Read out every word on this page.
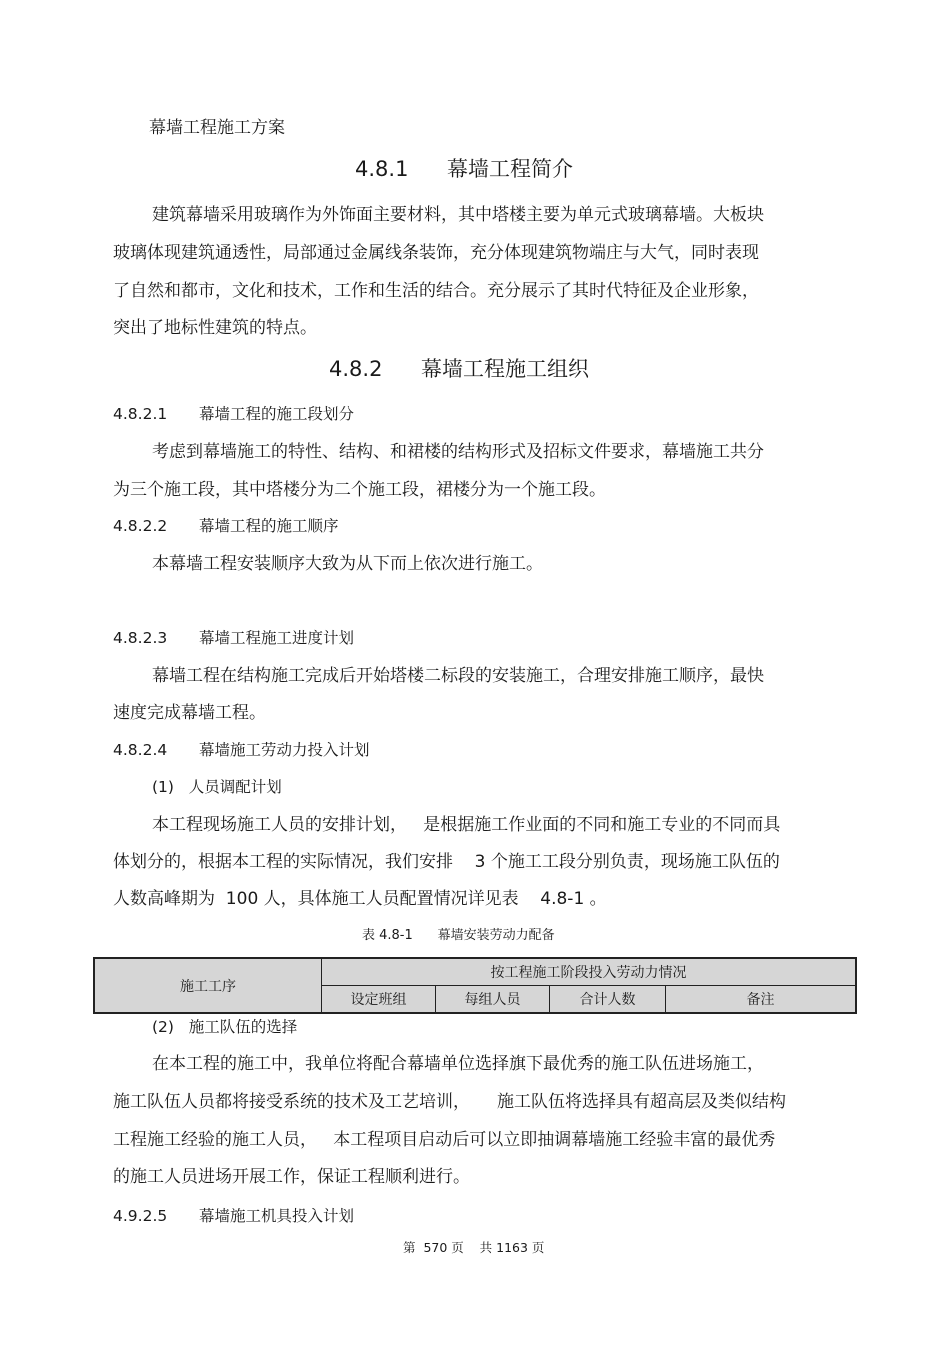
幕墙工程施工方案
4.8.1 幕墙工程简介
建筑幕墙采用玻璃作为外饰面主要材料，其中塔楼主要为单元式玻璃幕墙。大板块
玻璃体现建筑通透性，局部通过金属线条装饰，充分体现建筑物端庄与大气，同时表现
了自然和都市，文化和技术，工作和生活的结合。充分展示了其时代特征及企业形象，
突出了地标性建筑的特点。
4.8.2 幕墙工程施工组织
4.8.2.1 幕墙工程的施工段划分
考虑到幕墙施工的特性、结构、和裙楼的结构形式及招标文件要求，幕墙施工共分
为三个施工段，其中塔楼分为二个施工段，裙楼分为一个施工段。
4.8.2.2 幕墙工程的施工顺序
本幕墙工程安装顺序大致为从下而上依次进行施工。
4.8.2.3 幕墙工程施工进度计划
幕墙工程在结构施工完成后开始塔楼二标段的安装施工，合理安排施工顺序，最快
速度完成幕墙工程。
4.8.2.4 幕墙施工劳动力投入计划
(1)   人员调配计划
本工程现场施工人员的安排计划，   是根据施工作业面的不同和施工专业的不同而具
体划分的，根据本工程的实际情况，我们安排    3 个施工工段分别负责，现场施工队伍的
人数高峰期为  100 人，具体施工人员配置情况详见表    4.8-1 。
表 4.8-1      幕墙安装劳动力配备
施工工序	按工程施工阶段投入劳动力情况			
	设定班组	每组人员	合计人数	备注
(2)   施工队伍的选择
在本工程的施工中，我单位将配合幕墙单位选择旗下最优秀的施工队伍进场施工，
施工队伍人员都将接受系统的技术及工艺培训，     施工队伍将选择具有超高层及类似结构
工程施工经验的施工人员，   本工程项目启动后可以立即抽调幕墙施工经验丰富的最优秀
的施工人员进场开展工作，保证工程顺利进行。
4.9.2.5 幕墙施工机具投入计划
第  570 页    共 1163 页
